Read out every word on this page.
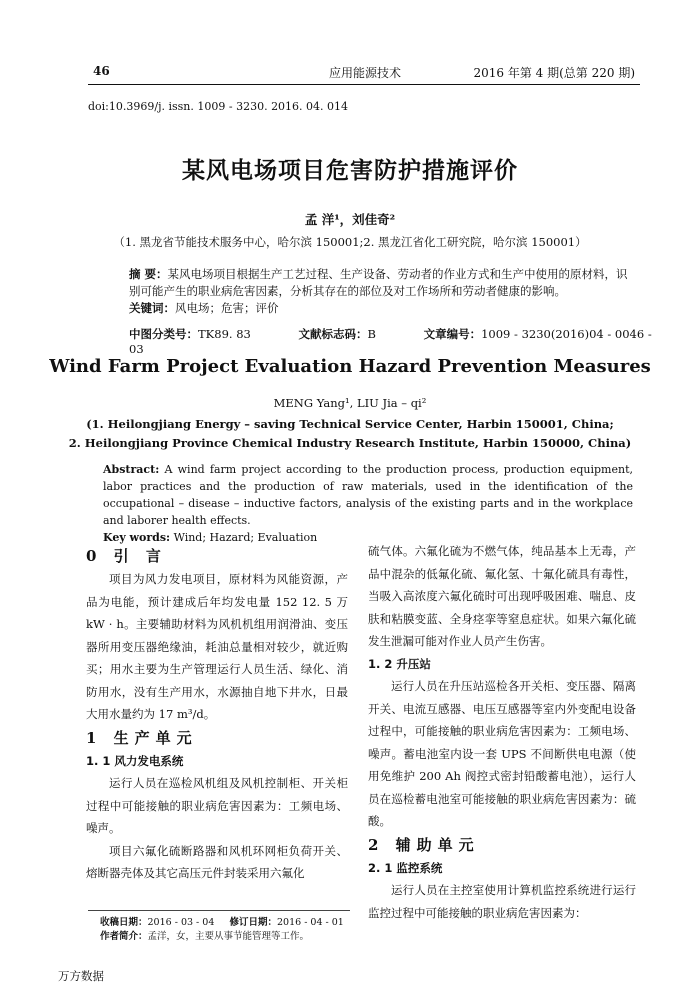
46	应用能源技术	2016 年第 4 期(总第 220 期)
doi:10.3969/j. issn. 1009 - 3230. 2016. 04. 014
某风电场项目危害防护措施评价
孟 洋¹，刘佳奇²
（1. 黑龙省节能技术服务中心，哈尔滨 150001;2. 黑龙江省化工研究院，哈尔滨 150001）
摘 要：某风电场项目根据生产工艺过程、生产设备、劳动者的作业方式和生产中使用的原材料，识别可能产生的职业病危害因素，分析其存在的部位及对工作场所和劳动者健康的影响。
关键词：风电场；危害；评价
中图分类号：TK89. 83	文献标志码：B	文章编号：1009 - 3230(2016)04 - 0046 - 03
Wind Farm Project Evaluation Hazard Prevention Measures
MENG Yang¹, LIU Jia – qi²
(1. Heilongjiang Energy – saving Technical Service Center, Harbin 150001, China;
2. Heilongjiang Province Chemical Industry Research Institute, Harbin 150000, China)
Abstract: A wind farm project according to the production process, production equipment, labor practices and the production of raw materials, used in the identification of the occupational – disease – inductive factors, analysis of the existing parts and in the workplace and laborer health effects.
Key words: Wind; Hazard; Evaluation
0 引 言

项目为风力发电项目，原材料为风能资源，产品为电能，预计建成后年均发电量 152 12. 5 万 kW · h。主要辅助材料为风机机组用润滑油、变压器所用变压器绝缘油，耗油总量相对较少，就近购买；用水主要为生产管理运行人员生活、绿化、消防用水，没有生产用水，水源抽自地下井水，日最大用水量约为 17 m³/d。

1 生产单元
1. 1 风力发电系统

运行人员在巡检风机组及风机控制柜、开关柜过程中可能接触的职业病危害因素为：工频电场、噪声。

项目六氟化硫断路器和风机环网柜负荷开关、熔断器壳体及其它高压元件封装采用六氟化

硫气体。六氟化硫为不燃气体，纯品基本上无毒，产品中混杂的低氟化硫、氟化氢、十氟化硫具有毒性，当吸入高浓度六氟化硫时可出现呼吸困难、喘息、皮肤和粘膜变蓝、全身痉挛等窒息症状。如果六氟化硫发生泄漏可能对作业人员产生伤害。
1. 2 升压站

运行人员在升压站巡检各开关柜、变压器、隔离开关、电流互感器、电压互感器等室内外变配电设备过程中，可能接触的职业病危害因素为：工频电场、噪声。蓄电池室内设一套 UPS 不间断供电电源（使用免维护 200 Ah 阀控式密封铅酸蓄电池），运行人员在巡检蓄电池室可能接触的职业病危害因素为：硫酸。

2 辅助单元
2. 1 监控系统

运行人员在主控室使用计算机监控系统进行运行监控过程中可能接触的职业病危害因素为：

收稿日期：2016 - 03 - 04 修订日期：2016 - 04 - 01
作者简介：孟洋，女，主要从事节能管理等工作。
万方数据
